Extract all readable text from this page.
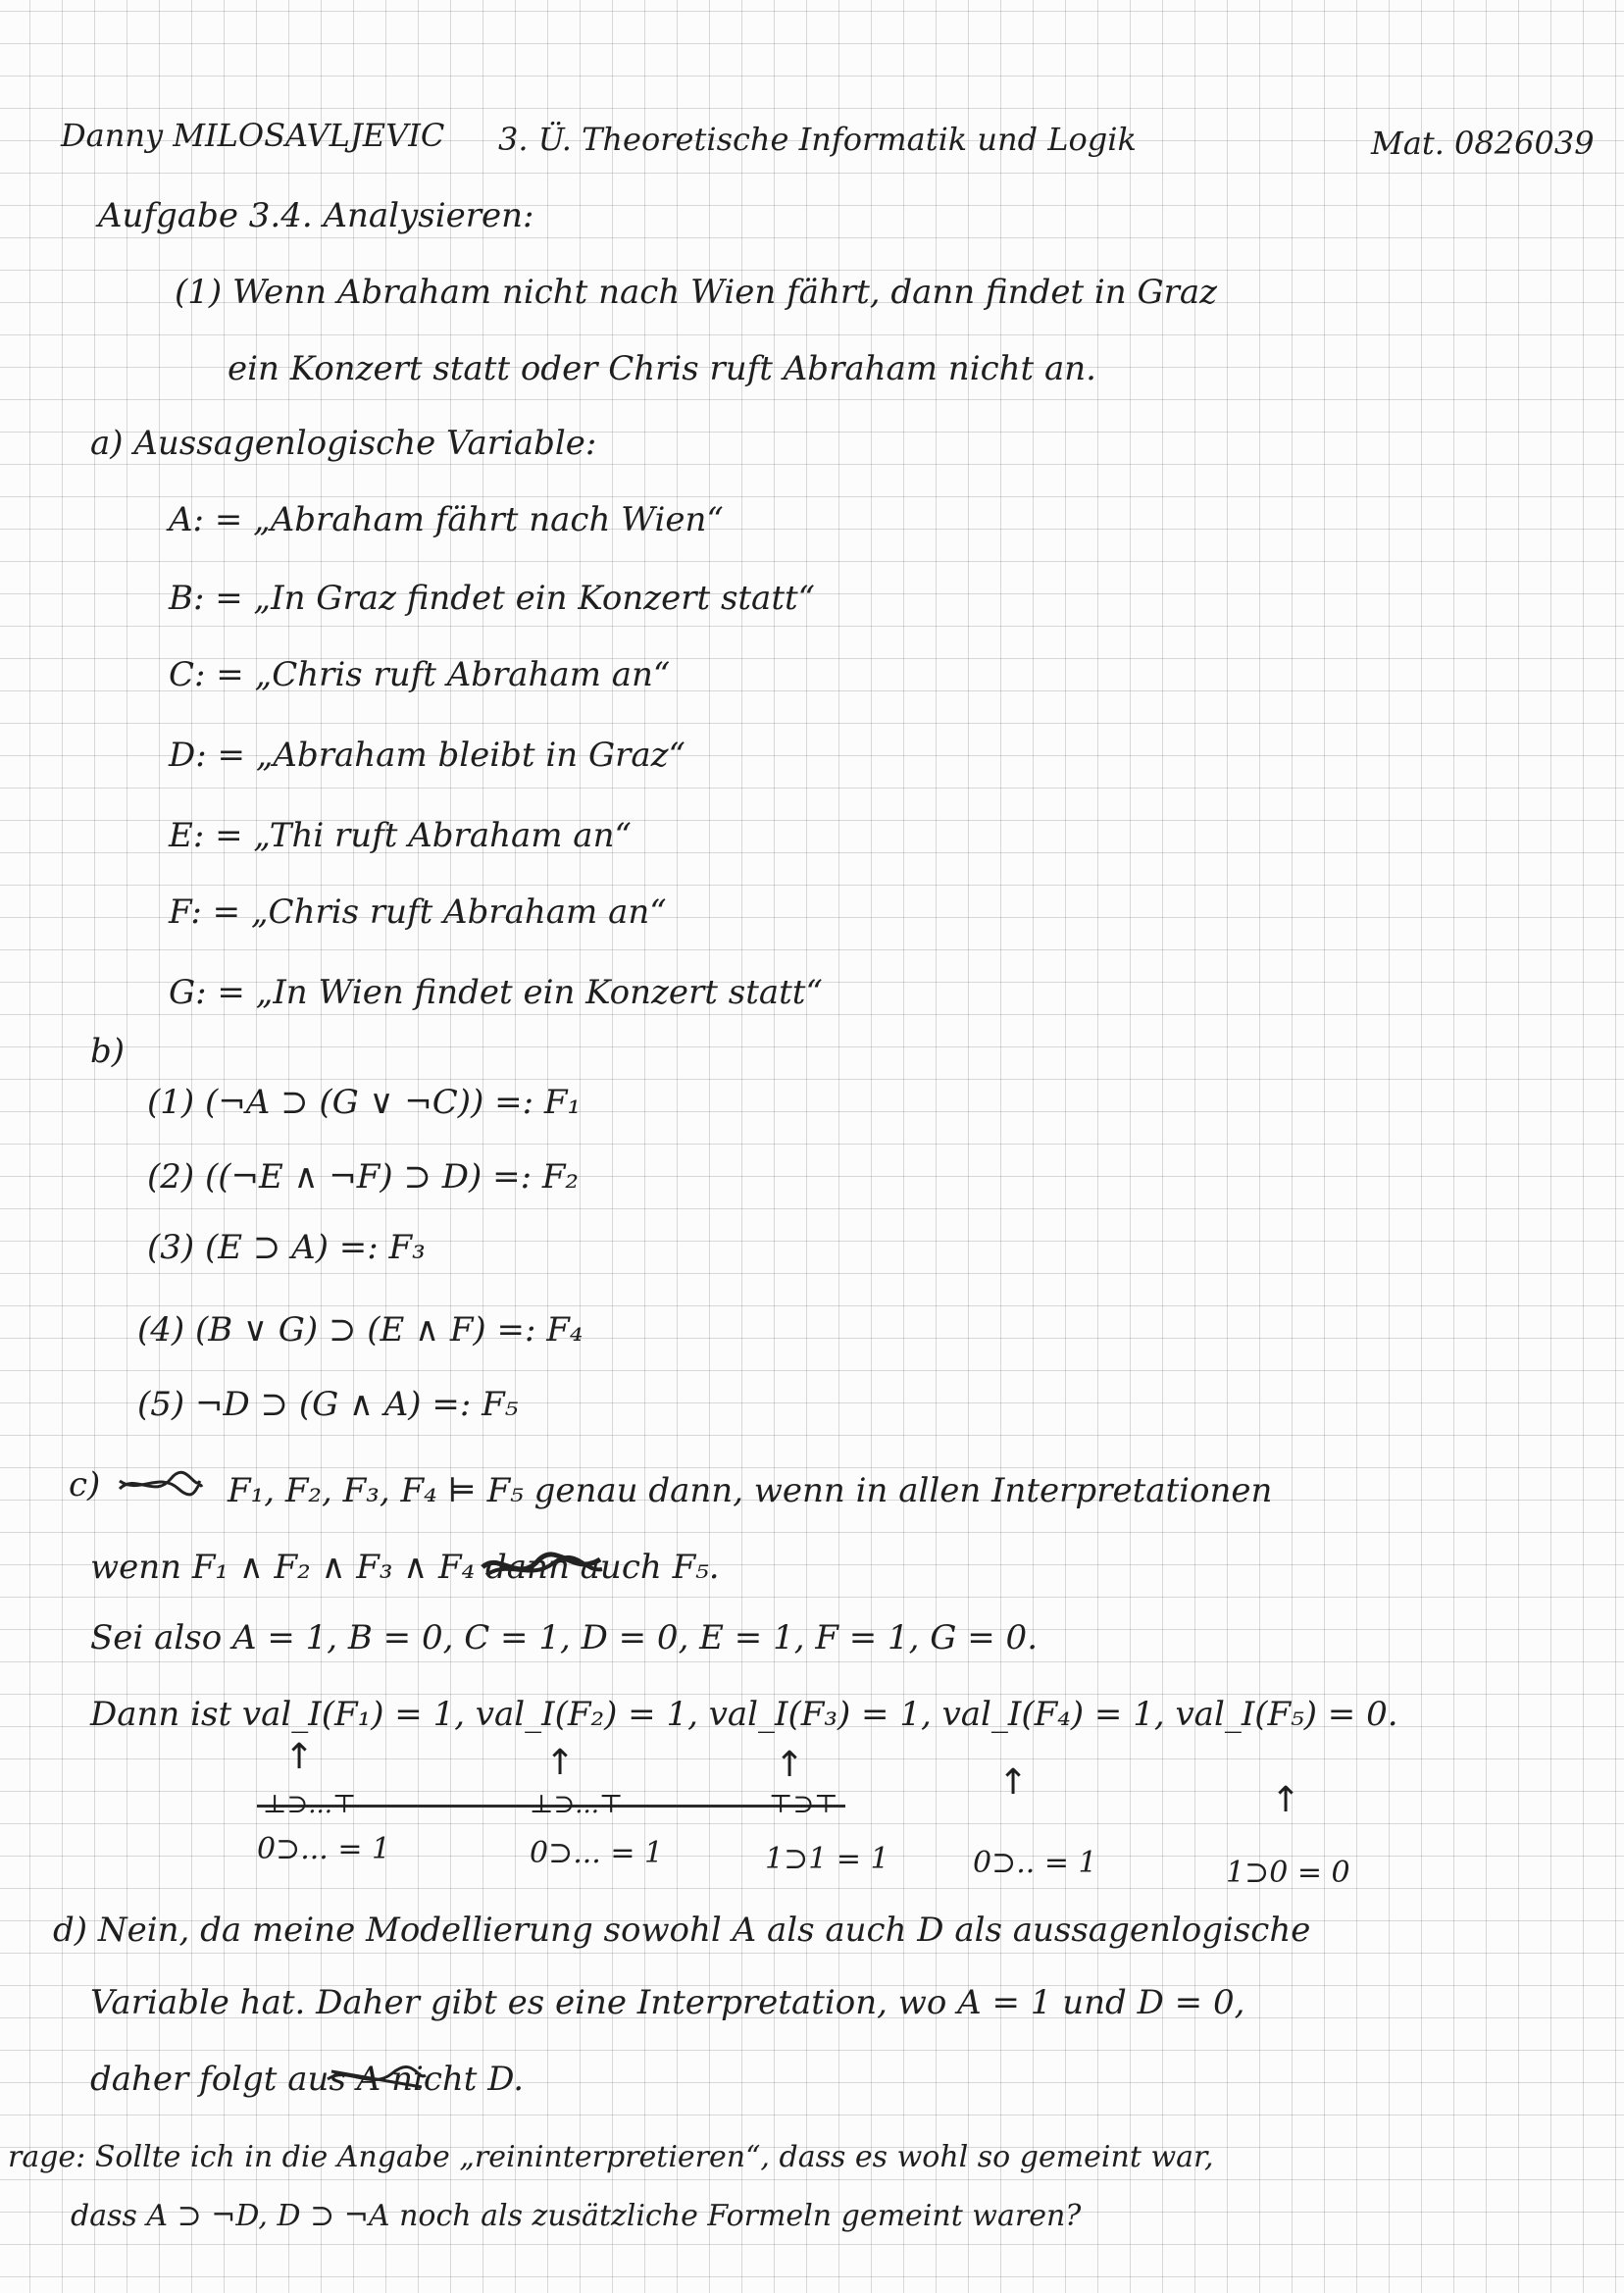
Danny MILOSAVLJEVIC 3. Ü. Theoretische Informatik und Logik	Mat. 0826039
Aufgabe 3.4. Analysieren:
(1) Wenn Abraham nicht nach Wien fährt, dann findet in Graz
ein Konzert statt oder Chris ruft Abraham nicht an.
a) Aussagenlogische Variable:
A: = „Abraham fährt nach Wien“
B: = „In Graz findet ein Konzert statt“
C: = „Chris ruft Abraham an“
D: = „Abraham bleibt in Graz“
E: = „Thi ruft Abraham an“
F: = „Chris ruft Abraham an“
G: = „In Wien findet ein Konzert statt“
b)
(1) (¬A ⊃ (G ∨ ¬C)) =: F₁
(2) ((¬E ∧ ¬F) ⊃ D) =: F₂
(3) (E ⊃ A) =: F₃
(4) (B ∨ G) ⊃ (E ∧ F) =: F₄
(5) ¬D ⊃ (G ∧ A) =: F₅
c)	F₁, F₂, F₃, F₄ ⊨ F₅ genau dann, wenn in allen Interpretationen
wenn F₁ ∧ F₂ ∧ F₃ ∧ F₄ dann auch F₅.
Sei also A = 1, B = 0, C = 1, D = 0, E = 1, F = 1, G = 0.
Dann ist val_I(F₁) = 1, val_I(F₂) = 1, val_I(F₃) = 1, val_I(F₄) = 1, val_I(F₅) = 0.
↑	↑	↑	↑	↑
⊥⊃...⊤	⊥⊃...⊤	⊤⊃⊤
0⊃... = 1	0⊃... = 1	1⊃1 = 1	0⊃.. = 1	1⊃0 = 0
d) Nein, da meine Modellierung sowohl A als auch D als aussagenlogische
Variable hat. Daher gibt es eine Interpretation, wo A = 1 und D = 0,
daher folgt aus A nicht D.
rage: Sollte ich in die Angabe „reininterpretieren“, dass es wohl so gemeint war,
dass A ⊃ ¬D, D ⊃ ¬A noch als zusätzliche Formeln gemeint waren?
